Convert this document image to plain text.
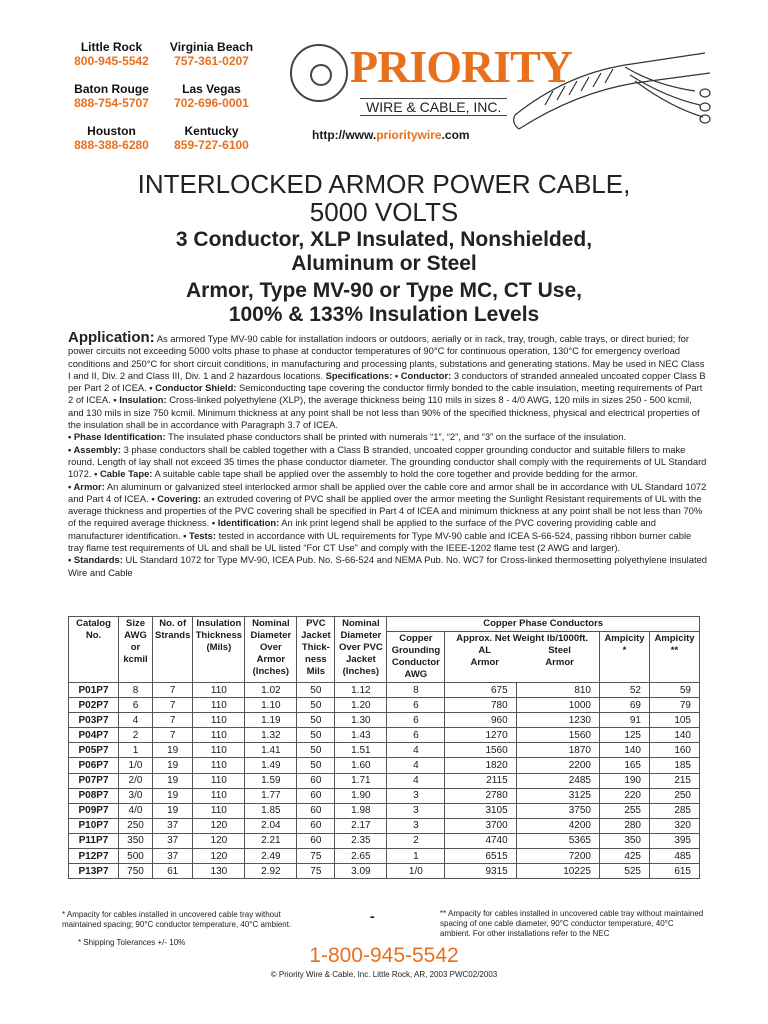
Little Rock
800-945-5542
Virginia Beach
757-361-0207
Baton Rouge
888-754-5707
Las Vegas
702-696-0001
Houston
888-388-6280
Kentucky
859-727-6100
PRIORITY
WIRE & CABLE, INC.
http://www.prioritywire.com
INTERLOCKED ARMOR POWER CABLE,
5000 VOLTS
3 Conductor, XLP Insulated, Nonshielded,
Aluminum or Steel
Armor, Type MV-90 or Type MC, CT Use,
100% & 133% Insulation Levels
Application: As armored Type MV-90 cable for installation indoors or outdoors, aerially or in rack, tray, trough, cable trays, or direct buried; for power circuits not exceeding 5000 volts phase to phase at conductor temperatures of 90°C for continuous operation, 130°C for emergency overload conditions and 250°C for short circuit conditions, in manufacturing and processing plants, substations and generating stations. May be used in NEC Class I and II, Div. 2 and Class III, Div. 1 and 2 hazardous locations. Specifications: • Conductor: 3 conductors of stranded annealed uncoated copper Class B per Part 2 of ICEA. • Conductor Shield: Semiconducting tape covering the conductor firmly bonded to the cable insulation, meeting requirements of Part 2 of ICEA. • Insulation: Cross-linked polyethylene (XLP), the average thickness being 110 mils in sizes 8 - 4/0 AWG, 120 mils in sizes 250 - 500 kcmil, and 130 mils in size 750 kcmil. Minimum thickness at any point shall be not less than 90% of the specified thickness, physical and electrical properties of the insulation shall be in accordance with Paragraph 3.7 of ICEA.
• Phase Identification: The insulated phase conductors shall be printed with numerals “1”, “2”, and “3” on the surface of the insulation.
• Assembly: 3 phase conductors shall be cabled together with a Class B stranded, uncoated copper grounding conductor and suitable fillers to make round. Length of lay shall not exceed 35 times the phase conductor diameter. The grounding conductor shall comply with the requirements of UL Standard 1072. • Cable Tape: A suitable cable tape shall be applied over the assembly to hold the core together and provide bedding for the armor.
• Armor: An aluminum or galvanized steel interlocked armor shall be applied over the cable core and armor shall be in accordance with UL Standard 1072 and Part 4 of ICEA. • Covering: an extruded covering of PVC shall be applied over the armor meeting the Sunlight Resistant requirements of UL with the average thickness and properties of the PVC covering shall be specified in Part 4 of ICEA and minimum thickness at any point shall be not less than 70% of the required average thickness. • Identification: An ink print legend shall be applied to the surface of the PVC covering providing cable and manufacturer identification. • Tests: tested in accordance with UL requirements for Type MV-90 cable and ICEA S-66-524, passing ribbon burner cable tray flame test requirements of UL and shall be UL listed “For CT Use” and comply with the IEEE-1202 flame test (2 AWG and larger).
• Standards: UL Standard 1072 for Type MV-90, ICEA Pub. No. S-66-524 and NEMA Pub. No. WC7 for Cross-linked thermosetting polyethylene insulated Wire and Cable
Catalog No.	Size AWG or kcmil	No. of Strands	Insulation Thickness (Mils)	Nominal Diameter Over Armor (Inches)	PVC Jacket Thick-ness Mils	Nominal Diameter Over PVC Jacket (Inches)	Copper Phase Conductors				
							Copper Grounding Conductor AWG	Approx. Net Weight lb/1000ft.
AL Armor
Steel Armor		Ampicity *	Ampicity **
P01P7	8	7	110	1.02	50	1.12	8	675	810	52	59
P02P7	6	7	110	1.10	50	1.20	6	780	1000	69	79
P03P7	4	7	110	1.19	50	1.30	6	960	1230	91	105
P04P7	2	7	110	1.32	50	1.43	6	1270	1560	125	140
P05P7	1	19	110	1.41	50	1.51	4	1560	1870	140	160
P06P7	1/0	19	110	1.49	50	1.60	4	1820	2200	165	185
P07P7	2/0	19	110	1.59	60	1.71	4	2115	2485	190	215
P08P7	3/0	19	110	1.77	60	1.90	3	2780	3125	220	250
P09P7	4/0	19	110	1.85	60	1.98	3	3105	3750	255	285
P10P7	250	37	120	2.04	60	2.17	3	3700	4200	280	320
P11P7	350	37	120	2.21	60	2.35	2	4740	5365	350	395
P12P7	500	37	120	2.49	75	2.65	1	6515	7200	425	485
P13P7	750	61	130	2.92	75	3.09	1/0	9315	10225	525	615
* Ampacity for cables installed in uncovered cable tray without maintained spacing; 90°C conductor temperature, 40°C ambient.
* Shipping Tolerances +/- 10%
-	** Ampacity for cables installed in uncovered cable tray without maintained spacing of one cable diameter, 90°C conductor temperature, 40°C ambient. For other installations refer to the NEC
1-800-945-5542
© Priority Wire & Cable, Inc. Little Rock, AR, 2003 PWC02/2003
